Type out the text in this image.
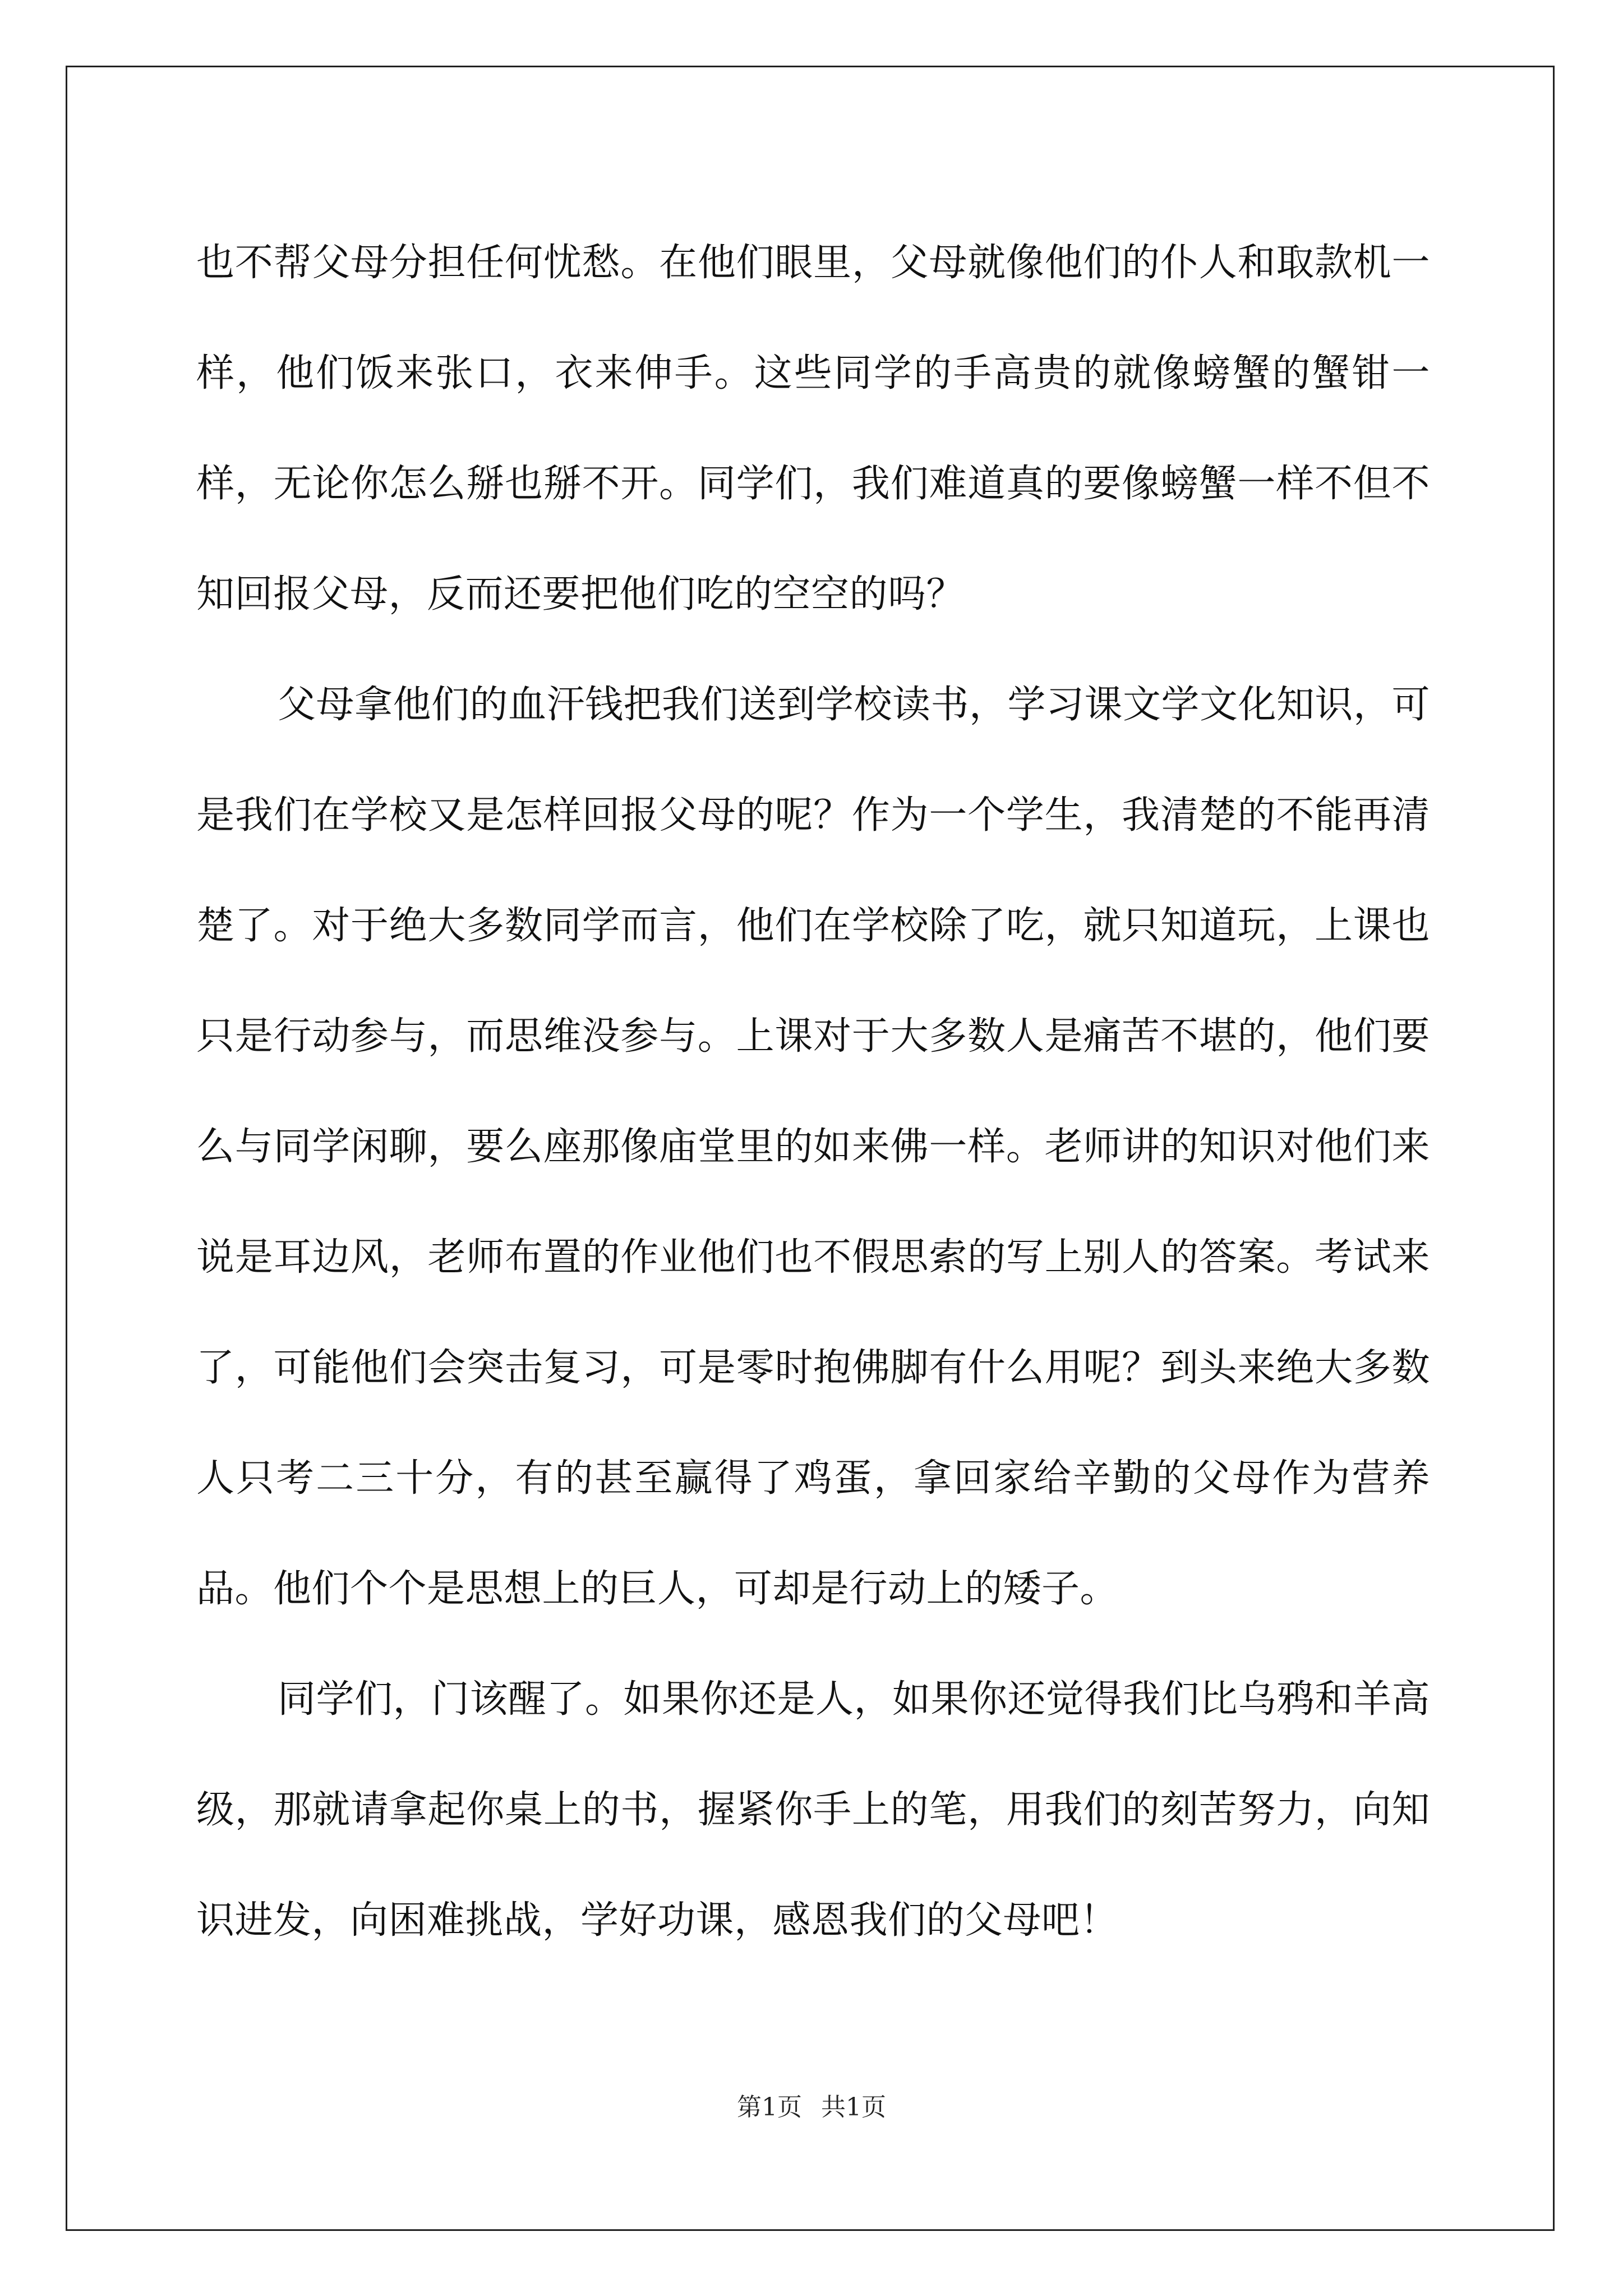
也不帮父母分担任何忧愁。在他们眼里，父母就像他们的仆人和取款机一样，他们饭来张口，衣来伸手。这些同学的手高贵的就像螃蟹的蟹钳一样，无论你怎么掰也掰不开。同学们，我们难道真的要像螃蟹一样不但不知回报父母，反而还要把他们吃的空空的吗？

父母拿他们的血汗钱把我们送到学校读书，学习课文学文化知识，可是我们在学校又是怎样回报父母的呢？作为一个学生，我清楚的不能再清楚了。对于绝大多数同学而言，他们在学校除了吃，就只知道玩，上课也只是行动参与，而思维没参与。上课对于大多数人是痛苦不堪的，他们要么与同学闲聊，要么座那像庙堂里的如来佛一样。老师讲的知识对他们来说是耳边风，老师布置的作业他们也不假思索的写上别人的答案。考试来了，可能他们会突击复习，可是零时抱佛脚有什么用呢？到头来绝大多数人只考二三十分，有的甚至赢得了鸡蛋，拿回家给辛勤的父母作为营养品。他们个个是思想上的巨人，可却是行动上的矮子。

同学们，门该醒了。如果你还是人，如果你还觉得我们比乌鸦和羊高级，那就请拿起你桌上的书，握紧你手上的笔，用我们的刻苦努力，向知识进发，向困难挑战，学好功课，感恩我们的父母吧！

第1页 共1页
